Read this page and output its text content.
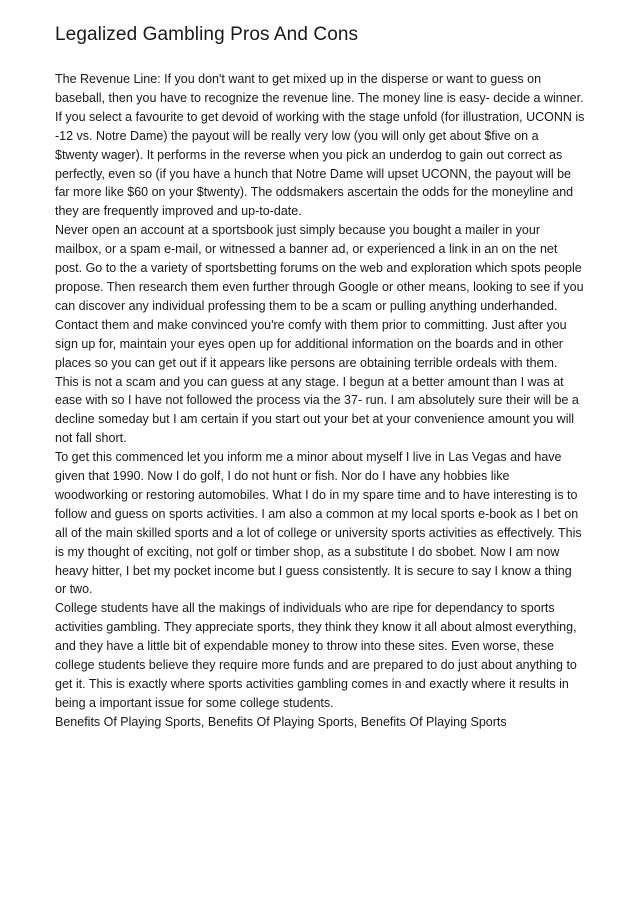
Legalized Gambling Pros And Cons

The Revenue Line: If you don't want to get mixed up in the disperse or want to guess on baseball, then you have to recognize the revenue line. The money line is easy- decide a winner. If you select a favourite to get devoid of working with the stage unfold (for illustration, UCONN is -12 vs. Notre Dame) the payout will be really very low (you will only get about $five on a $twenty wager). It performs in the reverse when you pick an underdog to gain out correct as perfectly, even so (if you have a hunch that Notre Dame will upset UCONN, the payout will be far more like $60 on your $twenty). The oddsmakers ascertain the odds for the moneyline and they are frequently improved and up-to-date.

Never open an account at a sportsbook just simply because you bought a mailer in your mailbox, or a spam e-mail, or witnessed a banner ad, or experienced a link in an on the net post. Go to the a variety of sportsbetting forums on the web and exploration which spots people propose. Then research them even further through Google or other means, looking to see if you can discover any individual professing them to be a scam or pulling anything underhanded. Contact them and make convinced you're comfy with them prior to committing. Just after you sign up for, maintain your eyes open up for additional information on the boards and in other places so you can get out if it appears like persons are obtaining terrible ordeals with them.

This is not a scam and you can guess at any stage. I begun at a better amount than I was at ease with so I have not followed the process via the 37- run. I am absolutely sure their will be a decline someday but I am certain if you start out your bet at your convenience amount you will not fall short.

To get this commenced let you inform me a minor about myself I live in Las Vegas and have given that 1990. Now I do golf, I do not hunt or fish. Nor do I have any hobbies like woodworking or restoring automobiles. What I do in my spare time and to have interesting is to follow and guess on sports activities. I am also a common at my local sports e-book as I bet on all of the main skilled sports and a lot of college or university sports activities as effectively. This is my thought of exciting, not golf or timber shop, as a substitute I do sbobet. Now I am now heavy hitter, I bet my pocket income but I guess consistently. It is secure to say I know a thing or two.

College students have all the makings of individuals who are ripe for dependancy to sports activities gambling. They appreciate sports, they think they know it all about almost everything, and they have a little bit of expendable money to throw into these sites. Even worse, these college students believe they require more funds and are prepared to do just about anything to get it. This is exactly where sports activities gambling comes in and exactly where it results in being a important issue for some college students.

Benefits Of Playing Sports, Benefits Of Playing Sports, Benefits Of Playing Sports
